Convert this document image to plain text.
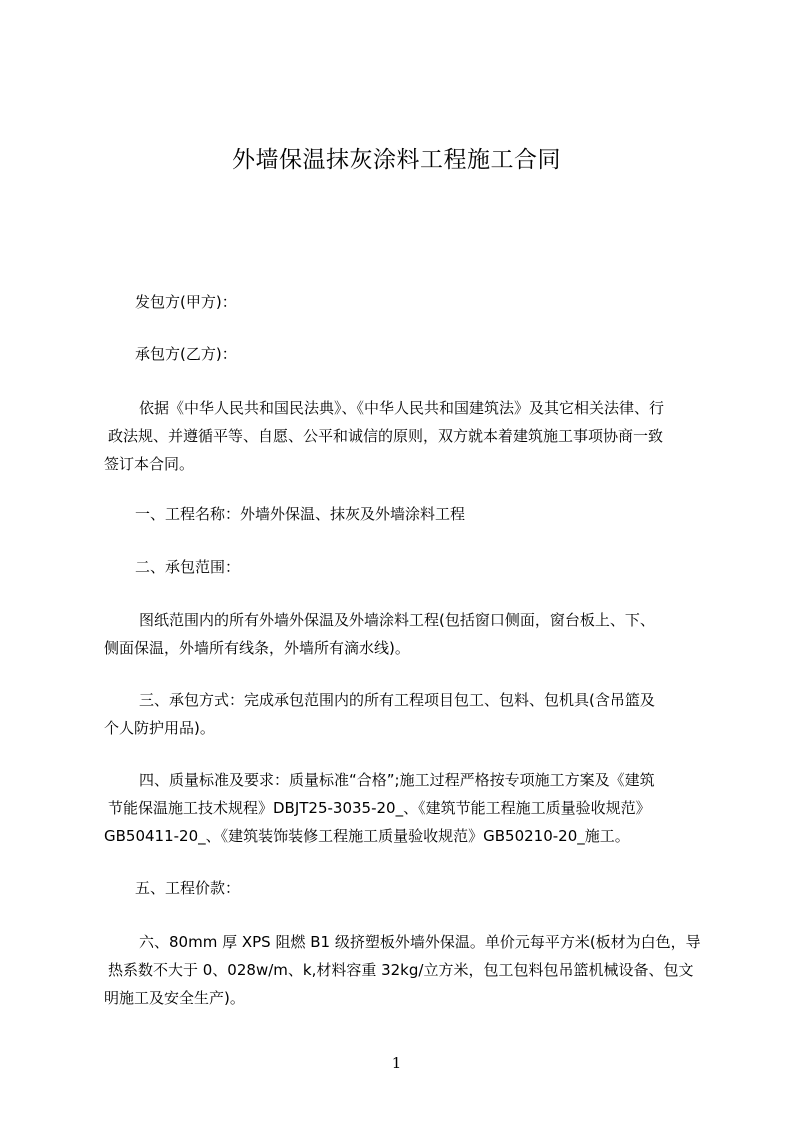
外墙保温抹灰涂料工程施工合同
发包方(甲方)：
承包方(乙方)：
依据《中华人民共和国民法典》、《中华人民共和国建筑法》及其它相关法律、行
政法规、并遵循平等、自愿、公平和诚信的原则，双方就本着建筑施工事项协商一致
签订本合同。
一、工程名称：外墙外保温、抹灰及外墙涂料工程
二、承包范围：
图纸范围内的所有外墙外保温及外墙涂料工程(包括窗口侧面，窗台板上、下、
侧面保温，外墙所有线条，外墙所有滴水线)。
三、承包方式：完成承包范围内的所有工程项目包工、包料、包机具(含吊篮及
个人防护用品)。
四、质量标准及要求：质量标准“合格”;施工过程严格按专项施工方案及《建筑
节能保温施工技术规程》DBJT25-3035-20_、《建筑节能工程施工质量验收规范》
GB50411-20_、《建筑装饰装修工程施工质量验收规范》GB50210-20_施工。
五、工程价款：
六、80mm 厚 XPS 阻燃 B1 级挤塑板外墙外保温。单价元每平方米(板材为白色，导
热系数不大于 0、028w/m、k,材料容重 32kg/立方米，包工包料包吊篮机械设备、包文
明施工及安全生产)。
1
